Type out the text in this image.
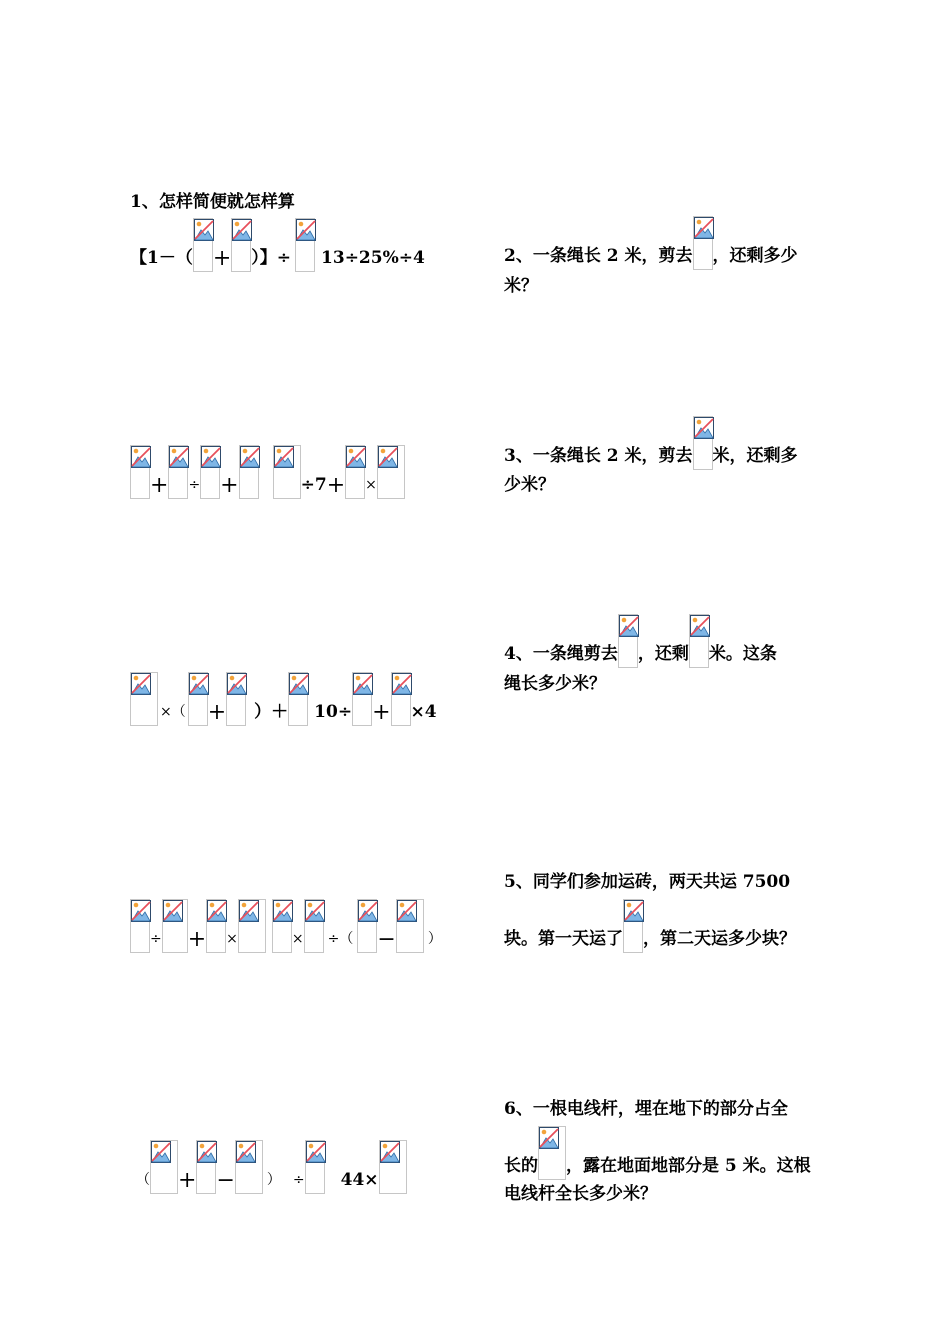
1、怎样简便就怎样算
【1－（ + ）】÷ 13÷25%÷4
+ ÷ +	÷7 + ×
×（ + ）＋ 10÷ + ×4
÷ + ×	× ÷（ − ）
（ + − ） ÷ 44×
2、一条绳长 2 米，剪去 ，还剩多少
米？
3、一条绳长 2 米，剪去 米，还剩多
少米？
4、一条绳剪去 ，还剩 米。这条
绳长多少米？
5、同学们参加运砖，两天共运 7500
块。第一天运了 ，第二天运多少块？
6、一根电线杆，埋在地下的部分占全
长的 ，露在地面地部分是 5 米。这根
电线杆全长多少米？
